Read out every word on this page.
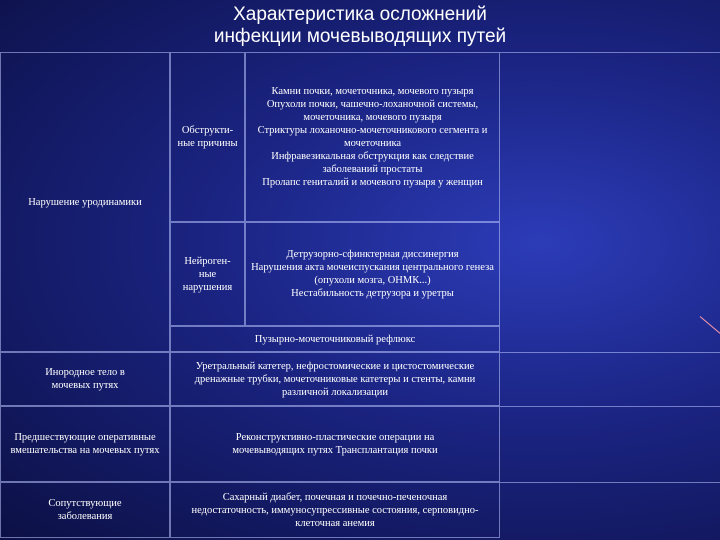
Характеристика осложнений
инфекции мочевыводящих путей
Нарушение уродинамики
Обструкти-ные причины
Камни почки, мочеточника, мочевого пузыря
Опухоли почки, чашечно-лоханочной системы, мочеточника, мочевого пузыря
Стриктуры лоханочно-мочеточникового сегмента и мочеточника
Инфравезикальная обструкция как следствие заболеваний простаты
Пролапс гениталий и мочевого пузыря у женщин
Нейроген-ные нарушения
Детрузорно-сфинктерная диссинергия
Нарушения акта мочеиспускания центрального генеза (опухоли мозга, ОНМК...)
Нестабильность детрузора и уретры
Пузырно-мочеточниковый рефлюкс
Инородное тело в мочевых путях
Уретральный катетер, нефростомические и цистостомические дренажные трубки, мочеточниковые катетеры и стенты, камни различной локализации
Предшествующие оперативные вмешательства на мочевых путях
Реконструктивно-пластические операции на мочевыводящих путях Трансплантация почки
Сопутствующие заболевания
Сахарный диабет, почечная и почечно-печеночная недостаточность, иммуносупрессивные состояния, серповидно-клеточная анемия
